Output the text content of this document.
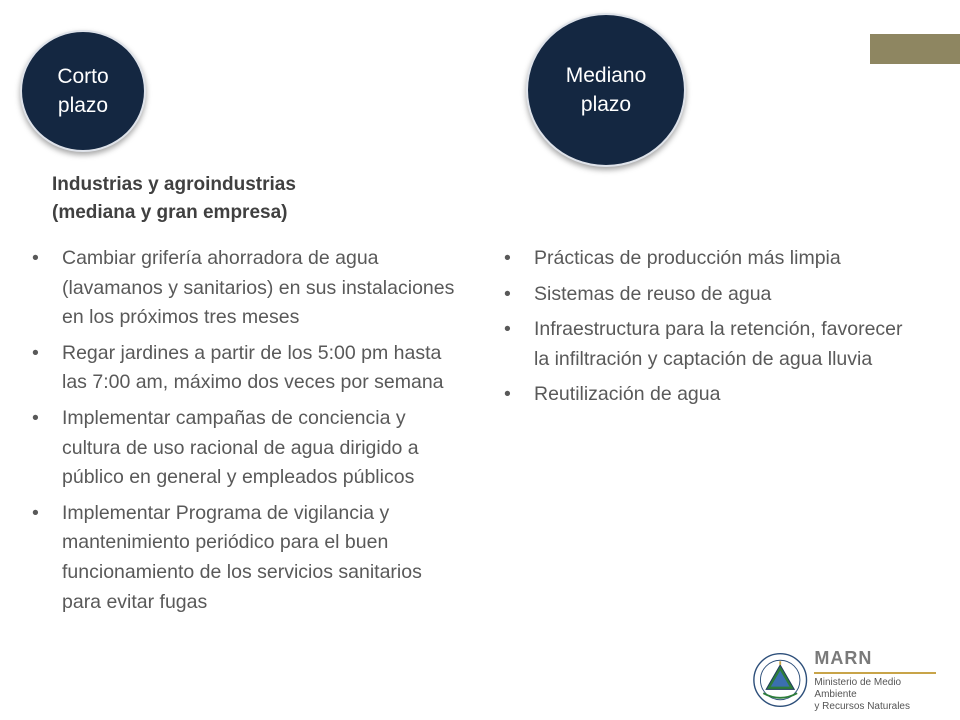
Corto
plazo
Mediano
plazo
Industrias y agroindustrias
(mediana y gran empresa)
• Cambiar grifería ahorradora de agua (lavamanos y sanitarios) en sus instalaciones en los próximos tres meses
• Regar jardines a partir de los 5:00 pm hasta las 7:00 am, máximo dos veces por semana
• Implementar campañas de conciencia y cultura de uso racional de agua dirigido a público en general y empleados públicos
• Implementar Programa de vigilancia y mantenimiento periódico para el buen funcionamiento de los servicios sanitarios para evitar fugas
• Prácticas de producción más limpia
• Sistemas de reuso de agua
• Infraestructura para la retención, favorecer la infiltración y captación de agua lluvia
• Reutilización de agua
MARN
Ministerio de Medio Ambiente
y Recursos Naturales
